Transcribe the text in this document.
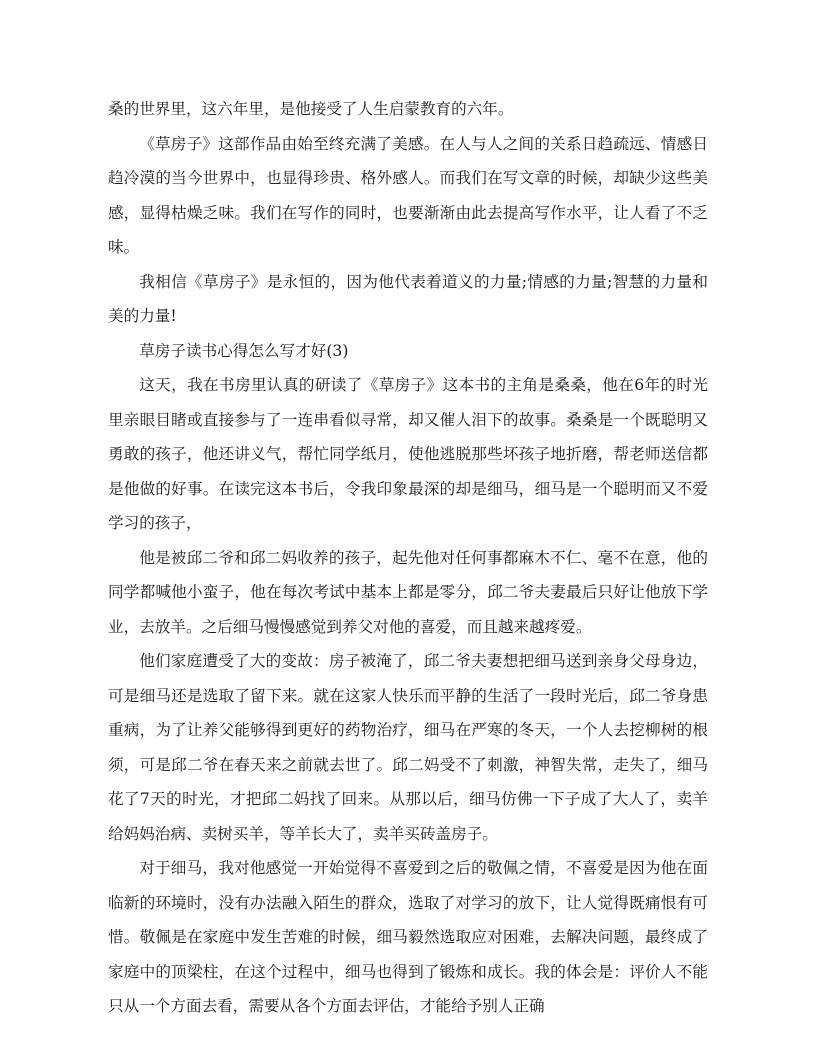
桑的世界里，这六年里，是他接受了人生启蒙教育的六年。

《草房子》这部作品由始至终充满了美感。在人与人之间的关系日趋疏远、情感日趋冷漠的当今世界中，也显得珍贵、格外感人。而我们在写文章的时候，却缺少这些美感，显得枯燥乏味。我们在写作的同时，也要渐渐由此去提高写作水平，让人看了不乏味。

我相信《草房子》是永恒的，因为他代表着道义的力量;情感的力量;智慧的力量和美的力量!

草房子读书心得怎么写才好(3)

这天，我在书房里认真的研读了《草房子》这本书的主角是桑桑，他在6年的时光里亲眼目睹或直接参与了一连串看似寻常，却又催人泪下的故事。桑桑是一个既聪明又勇敢的孩子，他还讲义气，帮忙同学纸月，使他逃脱那些坏孩子地折磨，帮老师送信都是他做的好事。在读完这本书后，令我印象最深的却是细马，细马是一个聪明而又不爱学习的孩子，

他是被邱二爷和邱二妈收养的孩子，起先他对任何事都麻木不仁、毫不在意，他的同学都喊他小蛮子，他在每次考试中基本上都是零分，邱二爷夫妻最后只好让他放下学业，去放羊。之后细马慢慢感觉到养父对他的喜爱，而且越来越疼爱。

他们家庭遭受了大的变故：房子被淹了，邱二爷夫妻想把细马送到亲身父母身边，可是细马还是选取了留下来。就在这家人快乐而平静的生活了一段时光后，邱二爷身患重病，为了让养父能够得到更好的药物治疗，细马在严寒的冬天，一个人去挖柳树的根须，可是邱二爷在春天来之前就去世了。邱二妈受不了刺激，神智失常，走失了，细马花了7天的时光，才把邱二妈找了回来。从那以后，细马仿佛一下子成了大人了，卖羊给妈妈治病、卖树买羊，等羊长大了，卖羊买砖盖房子。

对于细马，我对他感觉一开始觉得不喜爱到之后的敬佩之情，不喜爱是因为他在面临新的环境时，没有办法融入陌生的群众，选取了对学习的放下，让人觉得既痛恨有可惜。敬佩是在家庭中发生苦难的时候，细马毅然选取应对困难，去解决问题，最终成了家庭中的顶梁柱，在这个过程中，细马也得到了锻炼和成长。我的体会是：评价人不能只从一个方面去看，需要从各个方面去评估，才能给予别人正确
